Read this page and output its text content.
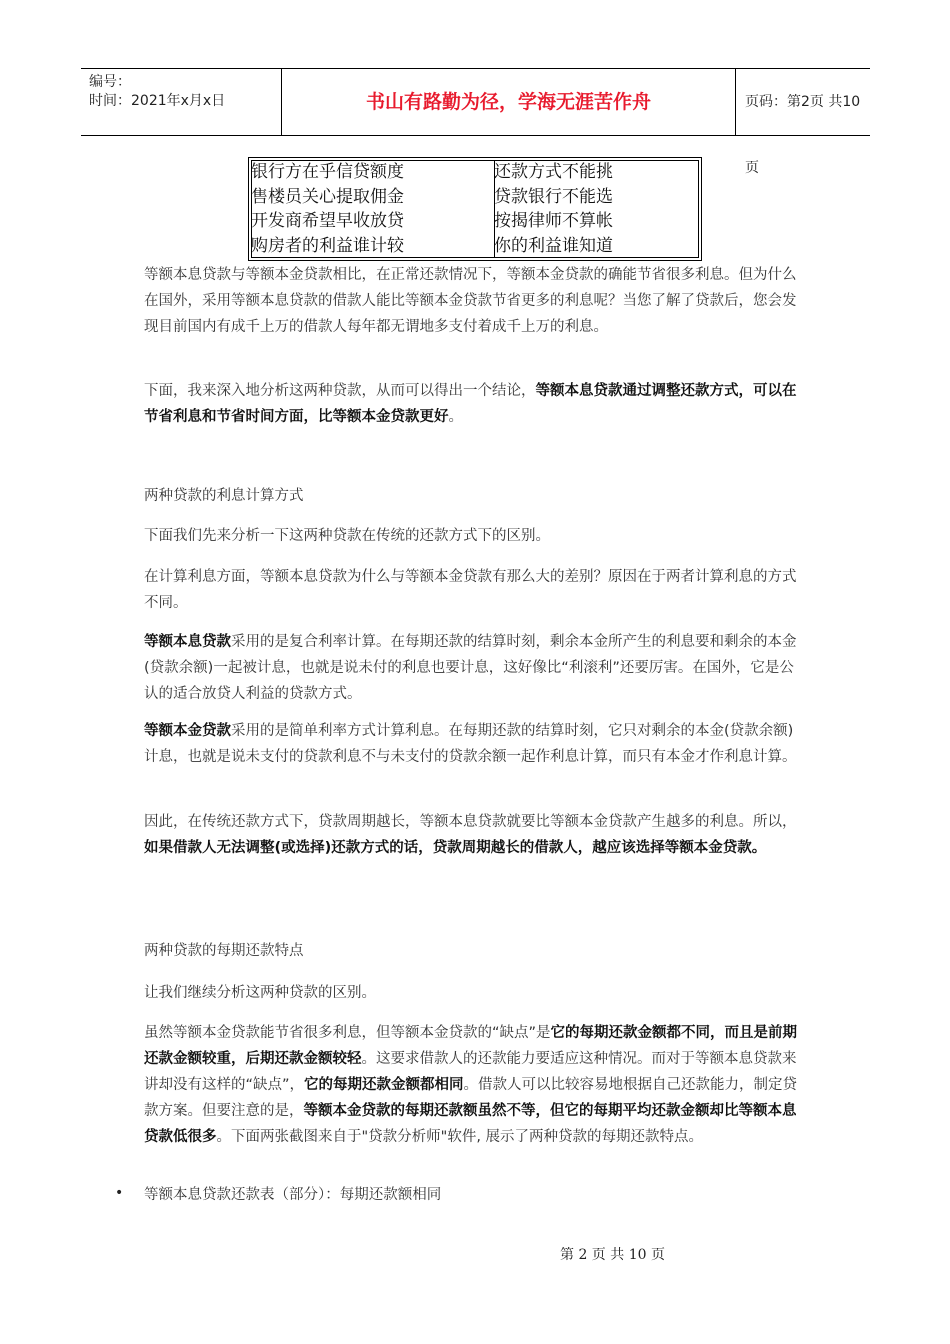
编号：
时间：2021年x月x日	书山有路勤为径，学海无涯苦作舟	页码：第2页 共10页
银行方在乎信贷额度
售楼员关心提取佣金
开发商希望早收放贷
购房者的利益谁计较
还款方式不能挑
贷款银行不能选
按揭律师不算帐
你的利益谁知道

等额本息贷款与等额本金贷款相比，在正常还款情况下，等额本金贷款的确能节省很多利息。但为什么在国外，采用等额本息贷款的借款人能比等额本金贷款节省更多的利息呢？当您了解了贷款后，您会发现目前国内有成千上万的借款人每年都无谓地多支付着成千上万的利息。

下面，我来深入地分析这两种贷款，从而可以得出一个结论，等额本息贷款通过调整还款方式，可以在节省利息和节省时间方面，比等额本金贷款更好。

两种贷款的利息计算方式

下面我们先来分析一下这两种贷款在传统的还款方式下的区别。

在计算利息方面，等额本息贷款为什么与等额本金贷款有那么大的差别？原因在于两者计算利息的方式不同。

等额本息贷款采用的是复合利率计算。在每期还款的结算时刻，剩余本金所产生的利息要和剩余的本金(贷款余额)一起被计息，也就是说未付的利息也要计息，这好像比“利滚利”还要厉害。在国外，它是公认的适合放贷人利益的贷款方式。

等额本金贷款采用的是简单利率方式计算利息。在每期还款的结算时刻，它只对剩余的本金(贷款余额)计息，也就是说未支付的贷款利息不与未支付的贷款余额一起作利息计算，而只有本金才作利息计算。

因此，在传统还款方式下，贷款周期越长，等额本息贷款就要比等额本金贷款产生越多的利息。所以，如果借款人无法调整(或选择)还款方式的话，贷款周期越长的借款人，越应该选择等额本金贷款。

两种贷款的每期还款特点

让我们继续分析这两种贷款的区别。

虽然等额本金贷款能节省很多利息，但等额本金贷款的“缺点”是它的每期还款金额都不同，而且是前期还款金额较重，后期还款金额较轻。这要求借款人的还款能力要适应这种情况。而对于等额本息贷款来讲却没有这样的“缺点”，它的每期还款金额都相同。借款人可以比较容易地根据自己还款能力，制定贷款方案。但要注意的是，等额本金贷款的每期还款额虽然不等，但它的每期平均还款金额却比等额本息贷款低很多。下面两张截图来自于"贷款分析师"软件, 展示了两种贷款的每期还款特点。

• 等额本息贷款还款表（部分）：每期还款额相同
第 2 页 共 10 页
